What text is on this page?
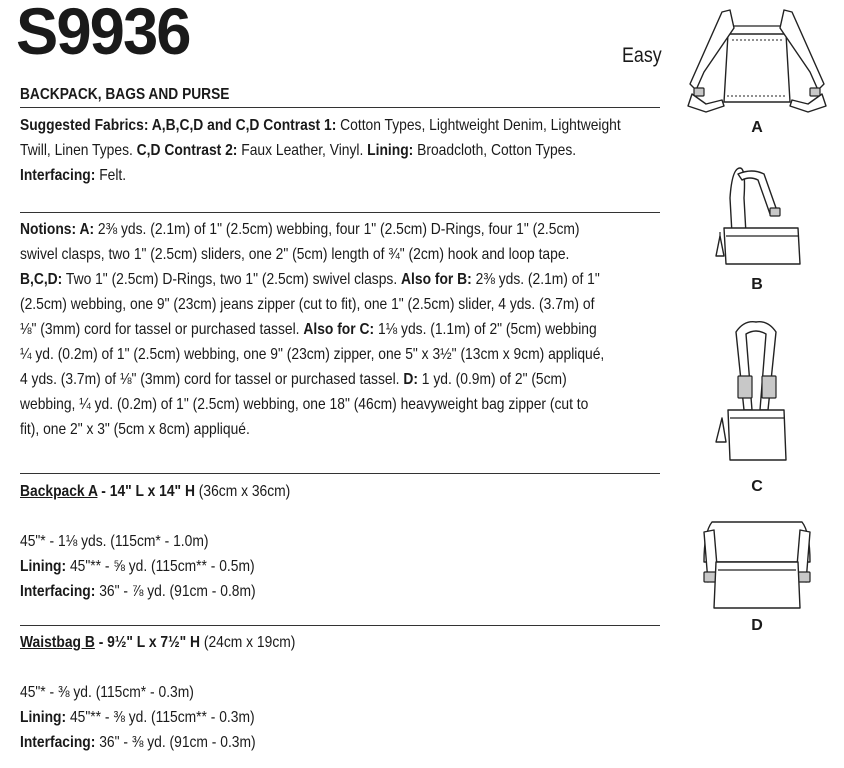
S9936	Easy
BACKPACK, BAGS AND PURSE
Suggested Fabrics: A,B,C,D and C,D Contrast 1: Cotton Types, Lightweight Denim, Lightweight
Twill, Linen Types. C,D Contrast 2: Faux Leather, Vinyl. Lining: Broadcloth, Cotton Types.
Interfacing: Felt.
Notions: A: 2⅜ yds. (2.1m) of 1" (2.5cm) webbing, four 1" (2.5cm) D-Rings, four 1" (2.5cm)
swivel clasps, two 1" (2.5cm) sliders, one 2" (5cm) length of ¾" (2cm) hook and loop tape.
B,C,D: Two 1" (2.5cm) D-Rings, two 1" (2.5cm) swivel clasps. Also for B: 2⅜ yds. (2.1m) of 1"
(2.5cm) webbing, one 9" (23cm) jeans zipper (cut to fit), one 1" (2.5cm) slider, 4 yds. (3.7m) of
⅛" (3mm) cord for tassel or purchased tassel. Also for C: 1⅛ yds. (1.1m) of 2" (5cm) webbing
¼ yd. (0.2m) of 1" (2.5cm) webbing, one 9" (23cm) zipper, one 5" x 3½" (13cm x 9cm) appliqué,
4 yds. (3.7m) of ⅛" (3mm) cord for tassel or purchased tassel. D: 1 yd. (0.9m) of 2" (5cm)
webbing, ¼ yd. (0.2m) of 1" (2.5cm) webbing, one 18" (46cm) heavyweight bag zipper (cut to
fit), one 2" x 3" (5cm x 8cm) appliqué.
Backpack A - 14" L x 14" H (36cm x 36cm)
45"* - 1⅛ yds. (115cm* - 1.0m)
Lining: 45"** - ⅝ yd. (115cm** - 0.5m)
Interfacing: 36" - ⅞ yd. (91cm - 0.8m)
Waistbag B - 9½" L x 7½" H (24cm x 19cm)
45"* - ⅜ yd. (115cm* - 0.3m)
Lining: 45"** - ⅜ yd. (115cm** - 0.3m)
Interfacing: 36" - ⅜ yd. (91cm - 0.3m)
A
B
C
D
